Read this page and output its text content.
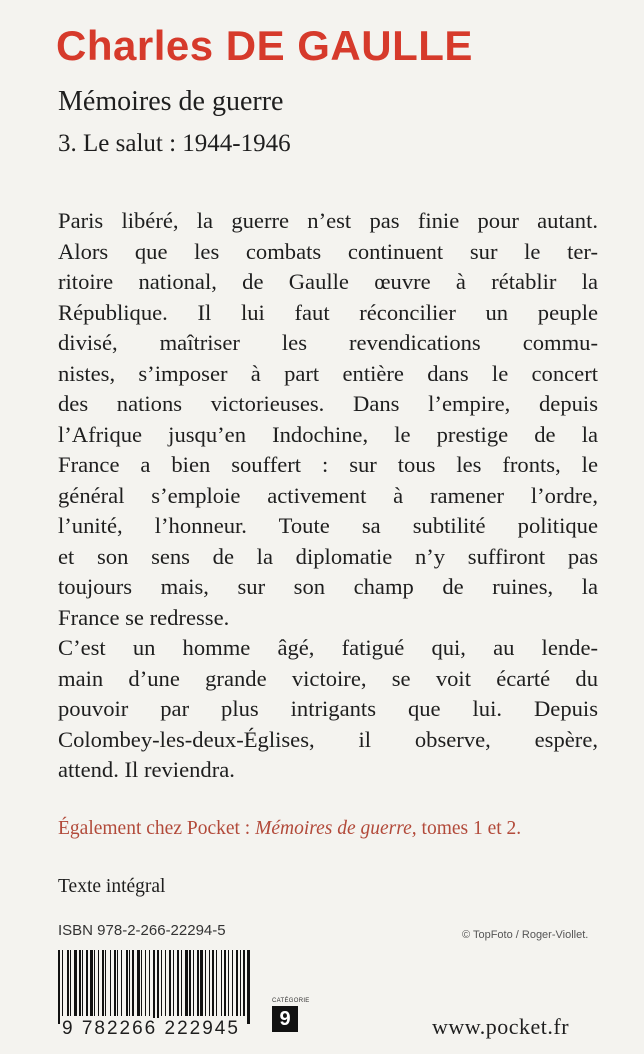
Charles DE GAULLE
Mémoires de guerre
3. Le salut : 1944-1946
Paris libéré, la guerre n’est pas finie pour autant.
Alors que les combats continuent sur le ter-
ritoire national, de Gaulle œuvre à rétablir la
République. Il lui faut réconcilier un peuple
divisé, maîtriser les revendications commu-
nistes, s’imposer à part entière dans le concert
des nations victorieuses. Dans l’empire, depuis
l’Afrique jusqu’en Indochine, le prestige de la
France a bien souffert : sur tous les fronts, le
général s’emploie activement à ramener l’ordre,
l’unité, l’honneur. Toute sa subtilité politique
et son sens de la diplomatie n’y suffiront pas
toujours mais, sur son champ de ruines, la
France se redresse.
C’est un homme âgé, fatigué qui, au lende-
main d’une grande victoire, se voit écarté du
pouvoir par plus intrigants que lui. Depuis
Colombey-les-deux-Églises, il observe, espère,
attend. Il reviendra.
Également chez Pocket : Mémoires de guerre, tomes 1 et 2.
Texte intégral
ISBN 978-2-266-22294-5	© TopFoto / Roger-Viollet.
9 782266 222945
CATÉGORIE
9	www.pocket.fr
